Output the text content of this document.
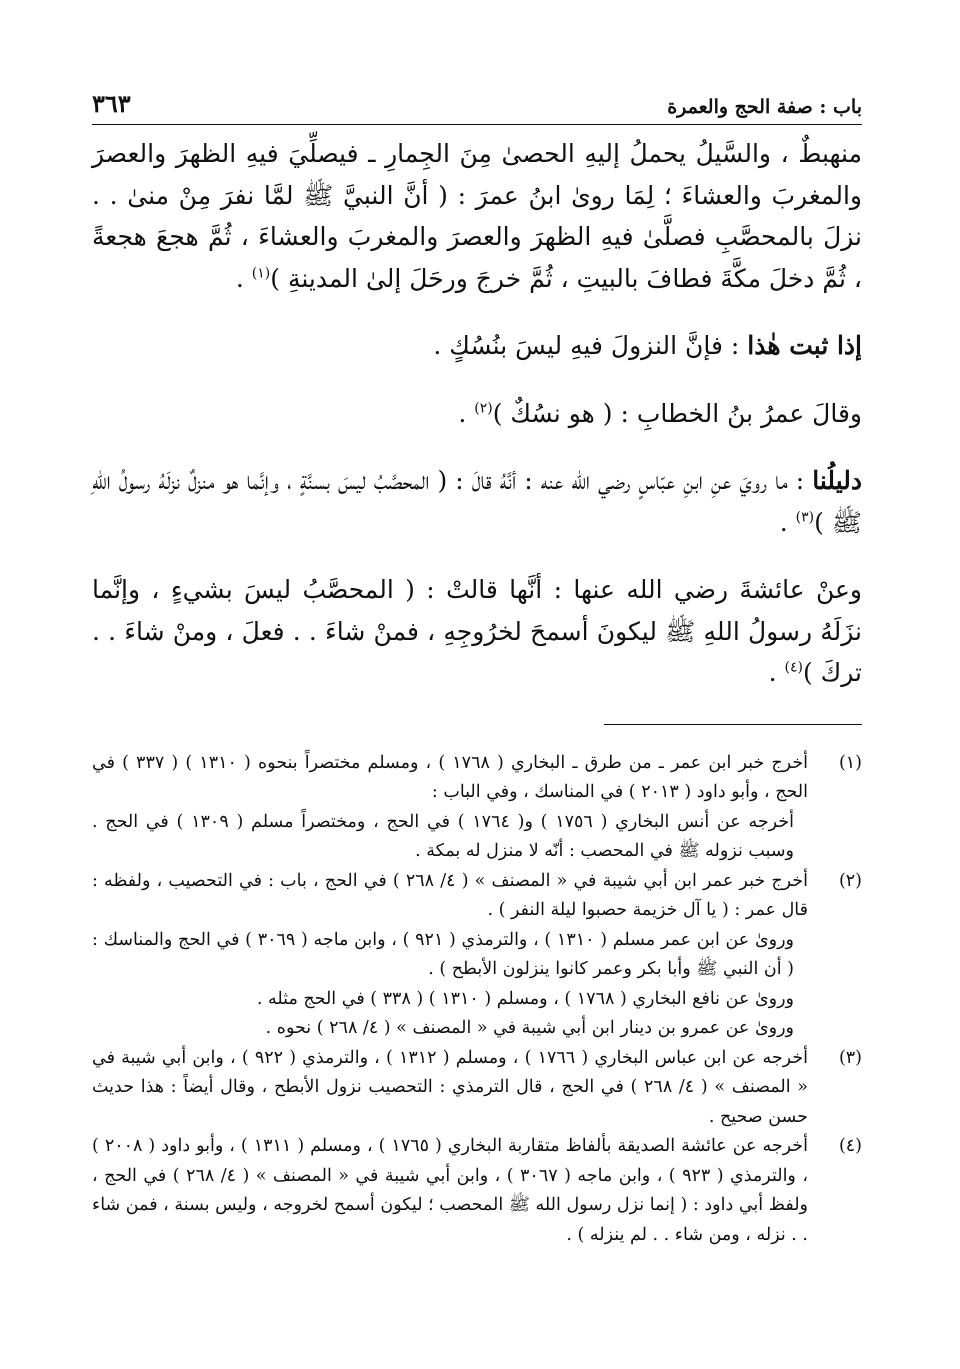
باب : صفة الحج والعمرة
٣٦٣

منهبطٌ ، والسَّيلُ يحملُ إليهِ الحصىٰ مِنَ الجِمارِ ـ فيصلِّيَ فيهِ الظهرَ والعصرَ والمغربَ والعشاءَ ؛ لِمَا روىٰ ابنُ عمرَ : ( أنَّ النبيَّ ﷺ لمَّا نفرَ مِنْ منىٰ . . نزلَ بالمحصَّبِ فصلَّىٰ فيهِ الظهرَ والعصرَ والمغربَ والعشاءَ ، ثُمَّ هجعَ هجعةً ، ثُمَّ دخلَ مكَّةَ فطافَ بالبيتِ ، ثُمَّ خرجَ ورحَلَ إلىٰ المدينةِ )$^{(١)}$ .

إذا ثبت هٰذا : فإنَّ النزولَ فيهِ ليسَ بنُسُكٍ .

وقالَ عمرُ بنُ الخطابِ : ( هو نسُكٌ )$^{(٢)}$ .

دليلُنا : ما رويَ عنِ ابنِ عبّاسٍ رضي الله عنه : أنَّهُ قالَ : ( المحصَّبُ ليسَ بسنَّةٍ ، وإنَّما هو منزلٌ نزلَهُ رسولُ اللهِ ﷺ )$^{(٣)}$ .

وعنْ عائشةَ رضي الله عنها : أنَّها قالتْ : ( المحصَّبُ ليسَ بشيءٍ ، وإنَّما نزَلَهُ رسولُ اللهِ ﷺ ليكونَ أسمحَ لخرُوجِهِ ، فمنْ شاءَ . . فعلَ ، ومنْ شاءَ . . تركَ )$^{(٤)}$ .

(١)

أخرج خبر ابن عمر ـ من طرق ـ البخاري ( ١٧٦٨ ) ، ومسلم مختصراً بنحوه ( ١٣١٠ ) ( ٣٣٧ ) في الحج ، وأبو داود ( ٢٠١٣ ) في المناسك ، وفي الباب :

أخرجه عن أنس البخاري ( ١٧٥٦ ) و( ١٧٦٤ ) في الحج ، ومختصراً مسلم ( ١٣٠٩ ) في الحج . وسبب نزوله ﷺ في المحصب : أنّه لا منزل له بمكة .

(٢)

أخرج خبر عمر ابن أبي شيبة في « المصنف » ( ٤/ ٢٦٨ ) في الحج ، باب : في التحصيب ، ولفظه : قال عمر : ( يا آل خزيمة حصبوا ليلة النفر ) .

وروىٰ عن ابن عمر مسلم ( ١٣١٠ ) ، والترمذي ( ٩٢١ ) ، وابن ماجه ( ٣٠٦٩ ) في الحج والمناسك : ( أن النبي ﷺ وأبا بكر وعمر كانوا ينزلون الأبطح ) .

وروىٰ عن نافع البخاري ( ١٧٦٨ ) ، ومسلم ( ١٣١٠ ) ( ٣٣٨ ) في الحج مثله .

وروىٰ عن عمرو بن دينار ابن أبي شيبة في « المصنف » ( ٤/ ٢٦٨ ) نحوه .

(٣)

أخرجه عن ابن عباس البخاري ( ١٧٦٦ ) ، ومسلم ( ١٣١٢ ) ، والترمذي ( ٩٢٢ ) ، وابن أبي شيبة في « المصنف » ( ٤/ ٢٦٨ ) في الحج ، قال الترمذي : التحصيب نزول الأبطح ، وقال أيضاً : هذا حديث حسن صحيح .

(٤)

أخرجه عن عائشة الصديقة بألفاظ متقاربة البخاري ( ١٧٦٥ ) ، ومسلم ( ١٣١١ ) ، وأبو داود ( ٢٠٠٨ ) ، والترمذي ( ٩٢٣ ) ، وابن ماجه ( ٣٠٦٧ ) ، وابن أبي شيبة في « المصنف » ( ٤/ ٢٦٨ ) في الحج ، ولفظ أبي داود : ( إنما نزل رسول الله ﷺ المحصب ؛ ليكون أسمح لخروجه ، وليس بسنة ، فمن شاء . . نزله ، ومن شاء . . لم ينزله ) .
